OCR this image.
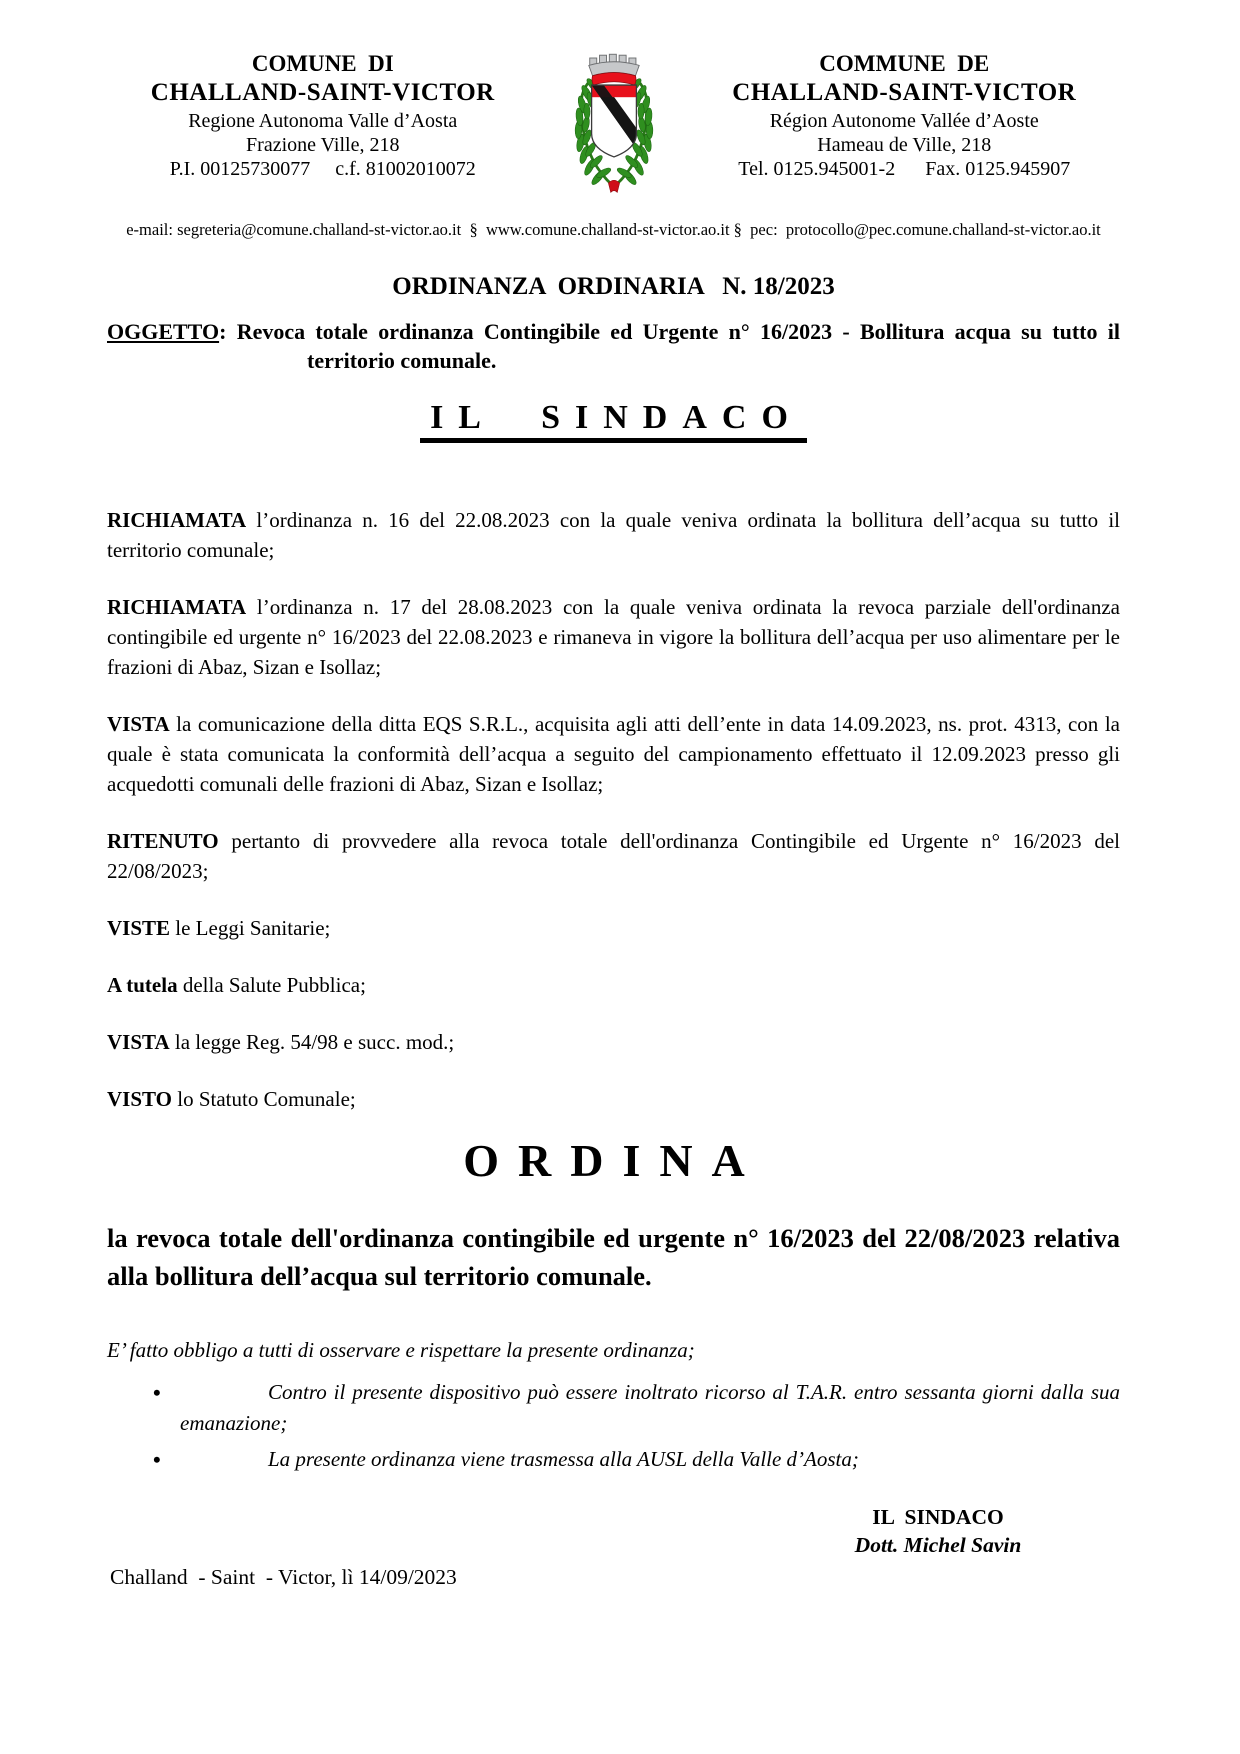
COMUNE  DI
CHALLAND-SAINT-VICTOR
Regione Autonoma Valle d’Aosta
Frazione Ville, 218
P.I. 00125730077     c.f. 81002010072
COMMUNE  DE
CHALLAND-SAINT-VICTOR
Région Autonome Vallée d’Aoste
Hameau de Ville, 218
Tel. 0125.945001-2      Fax. 0125.945907
e-mail: segreteria@comune.challand-st-victor.ao.it  §  www.comune.challand-st-victor.ao.it §  pec:  protocollo@pec.comune.challand-st-victor.ao.it
ORDINANZA  ORDINARIA   N. 18/2023

OGGETTO: Revoca totale ordinanza Contingibile ed Urgente n° 16/2023 - Bollitura acqua su tutto il territorio comunale.

IL  SINDACO

RICHIAMATA l’ordinanza n. 16 del 22.08.2023 con la quale veniva ordinata la bollitura dell’acqua su tutto il territorio comunale;

RICHIAMATA l’ordinanza n. 17 del 28.08.2023 con la quale veniva ordinata la revoca parziale dell'ordinanza contingibile ed urgente n° 16/2023 del 22.08.2023 e rimaneva in vigore la bollitura dell’acqua per uso alimentare per le frazioni di Abaz, Sizan e Isollaz;

VISTA la comunicazione della ditta EQS S.R.L., acquisita agli atti dell’ente in data 14.09.2023, ns. prot. 4313, con la quale è stata comunicata la conformità dell’acqua a seguito del campionamento effettuato il 12.09.2023 presso gli acquedotti comunali delle frazioni di Abaz, Sizan e Isollaz;

RITENUTO pertanto di provvedere alla revoca totale dell'ordinanza Contingibile ed Urgente n° 16/2023 del 22/08/2023;

VISTE le Leggi Sanitarie;

A tutela della Salute Pubblica;

VISTA la legge Reg. 54/98 e succ. mod.;

VISTO lo Statuto Comunale;

ORDINA

la revoca totale dell'ordinanza contingibile ed urgente n° 16/2023 del 22/08/2023 relativa alla bollitura dell’acqua sul territorio comunale.

E’ fatto obbligo a tutti di osservare e rispettare la presente ordinanza;

•	Contro il presente dispositivo può essere inoltrato ricorso al T.A.R. entro sessanta giorni dalla sua emanazione;
•	La presente ordinanza viene trasmessa alla AUSL della Valle d’Aosta;
IL  SINDACO
Dott. Michel Savin
Challand  - Saint  - Victor, lì 14/09/2023
